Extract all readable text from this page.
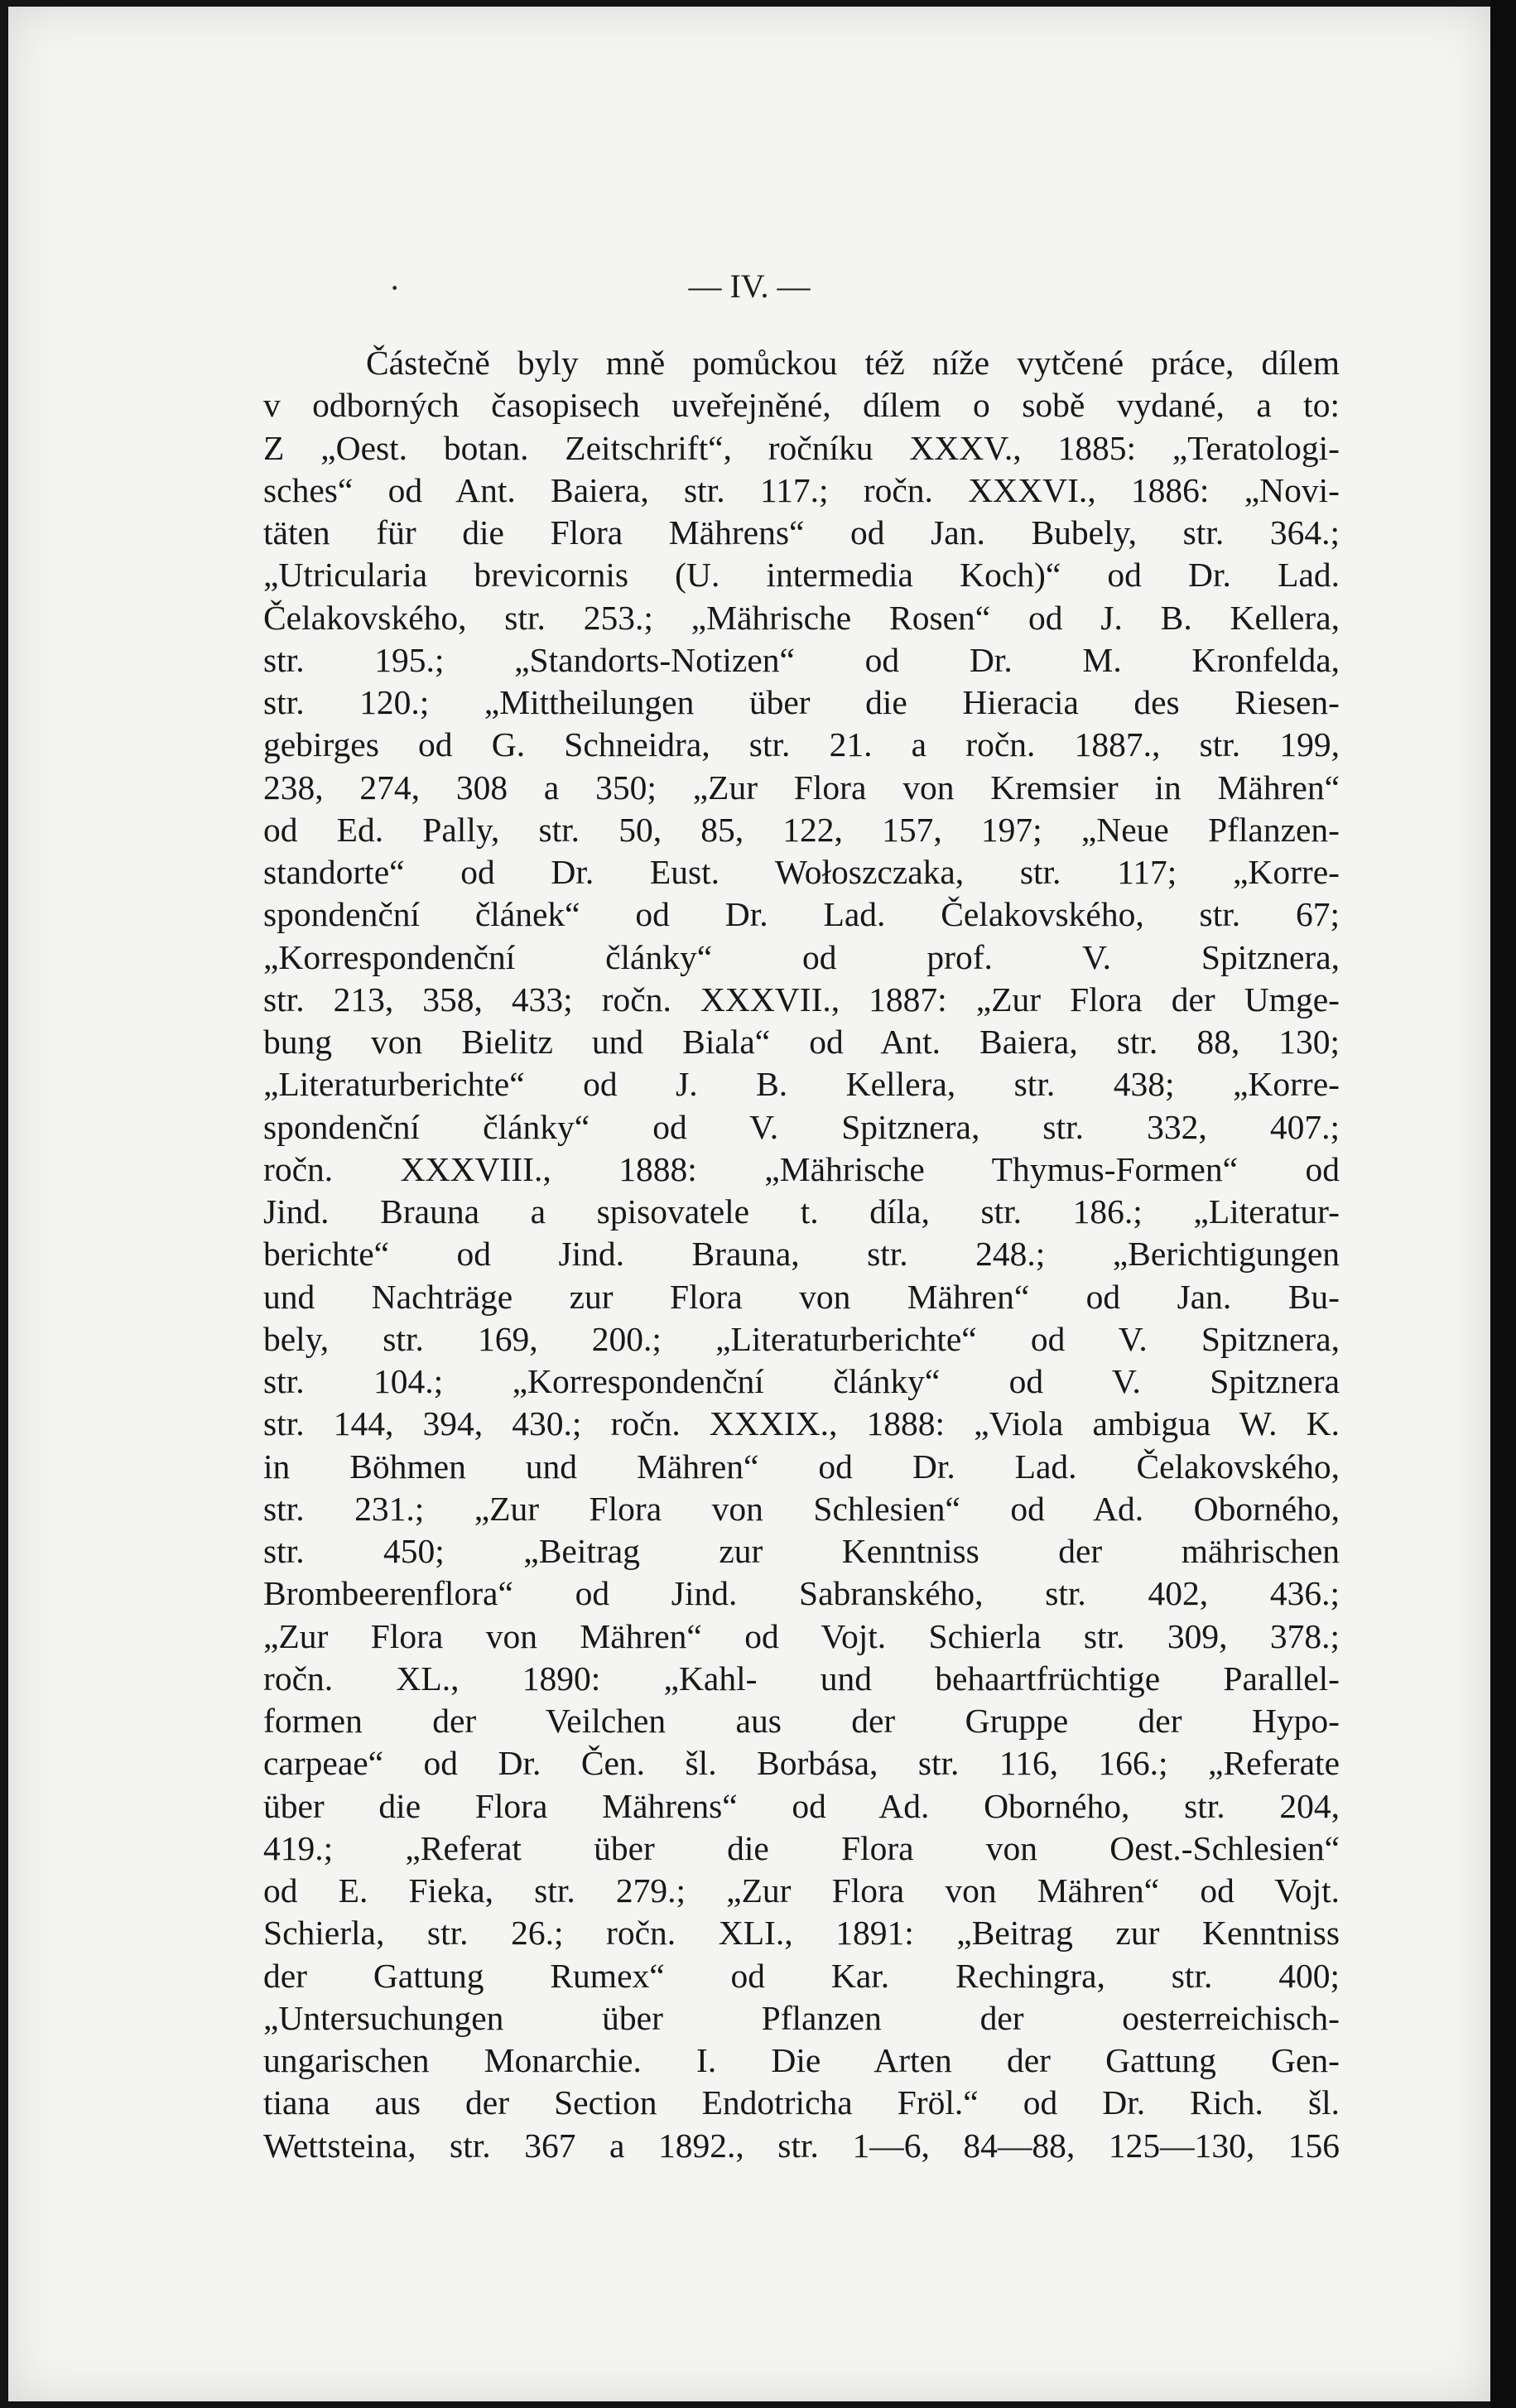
·	— IV. —
Částečně byly mně pomůckou též níže vytčené práce, dílem
v odborných časopisech uveřejněné, dílem o sobě vydané, a to:
Z „Oest. botan. Zeitschrift“, ročníku XXXV., 1885: „Teratologi-
sches“ od Ant. Baiera, str. 117.; ročn. XXXVI., 1886: „Novi-
täten für die Flora Mährens“ od Jan. Bubely, str. 364.;
„Utricularia brevicornis (U. intermedia Koch)“ od Dr. Lad.
Čelakovského, str. 253.; „Mährische Rosen“ od J. B. Kellera,
str. 195.; „Standorts-Notizen“ od Dr. M. Kronfelda,
str. 120.; „Mittheilungen über die Hieracia des Riesen-
gebirges od G. Schneidra, str. 21. a ročn. 1887., str. 199,
238, 274, 308 a 350; „Zur Flora von Kremsier in Mähren“
od Ed. Pally, str. 50, 85, 122, 157, 197; „Neue Pflanzen-
standorte“ od Dr. Eust. Wołoszczaka, str. 117; „Korre-
spondenční článek“ od Dr. Lad. Čelakovského, str. 67;
„Korrespondenční články“ od prof. V. Spitznera,
str. 213, 358, 433; ročn. XXXVII., 1887: „Zur Flora der Umge-
bung von Bielitz und Biala“ od Ant. Baiera, str. 88, 130;
„Literaturberichte“ od J. B. Kellera, str. 438; „Korre-
spondenční články“ od V. Spitznera, str. 332, 407.;
ročn. XXXVIII., 1888: „Mährische Thymus-Formen“ od
Jind. Brauna a spisovatele t. díla, str. 186.; „Literatur-
berichte“ od Jind. Brauna, str. 248.; „Berichtigungen
und Nachträge zur Flora von Mähren“ od Jan. Bu-
bely, str. 169, 200.; „Literaturberichte“ od V. Spitznera,
str. 104.; „Korrespondenční články“ od V. Spitznera
str. 144, 394, 430.; ročn. XXXIX., 1888: „Viola ambigua W. K.
in Böhmen und Mähren“ od Dr. Lad. Čelakovského,
str. 231.; „Zur Flora von Schlesien“ od Ad. Oborného,
str. 450; „Beitrag zur Kenntniss der mährischen
Brombeerenflora“ od Jind. Sabranského, str. 402, 436.;
„Zur Flora von Mähren“ od Vojt. Schierla str. 309, 378.;
ročn. XL., 1890: „Kahl- und behaartfrüchtige Parallel-
formen der Veilchen aus der Gruppe der Hypo-
carpeae“ od Dr. Čen. šl. Borbása, str. 116, 166.; „Referate
über die Flora Mährens“ od Ad. Oborného, str. 204,
419.; „Referat über die Flora von Oest.-Schlesien“
od E. Fieka, str. 279.; „Zur Flora von Mähren“ od Vojt.
Schierla, str. 26.; ročn. XLI., 1891: „Beitrag zur Kenntniss
der Gattung Rumex“ od Kar. Rechingra, str. 400;
„Untersuchungen über Pflanzen der oesterreichisch-
ungarischen Monarchie. I. Die Arten der Gattung Gen-
tiana aus der Section Endotricha Fröl.“ od Dr. Rich. šl.
Wettsteina, str. 367 a 1892., str. 1—6, 84—88, 125—130, 156
